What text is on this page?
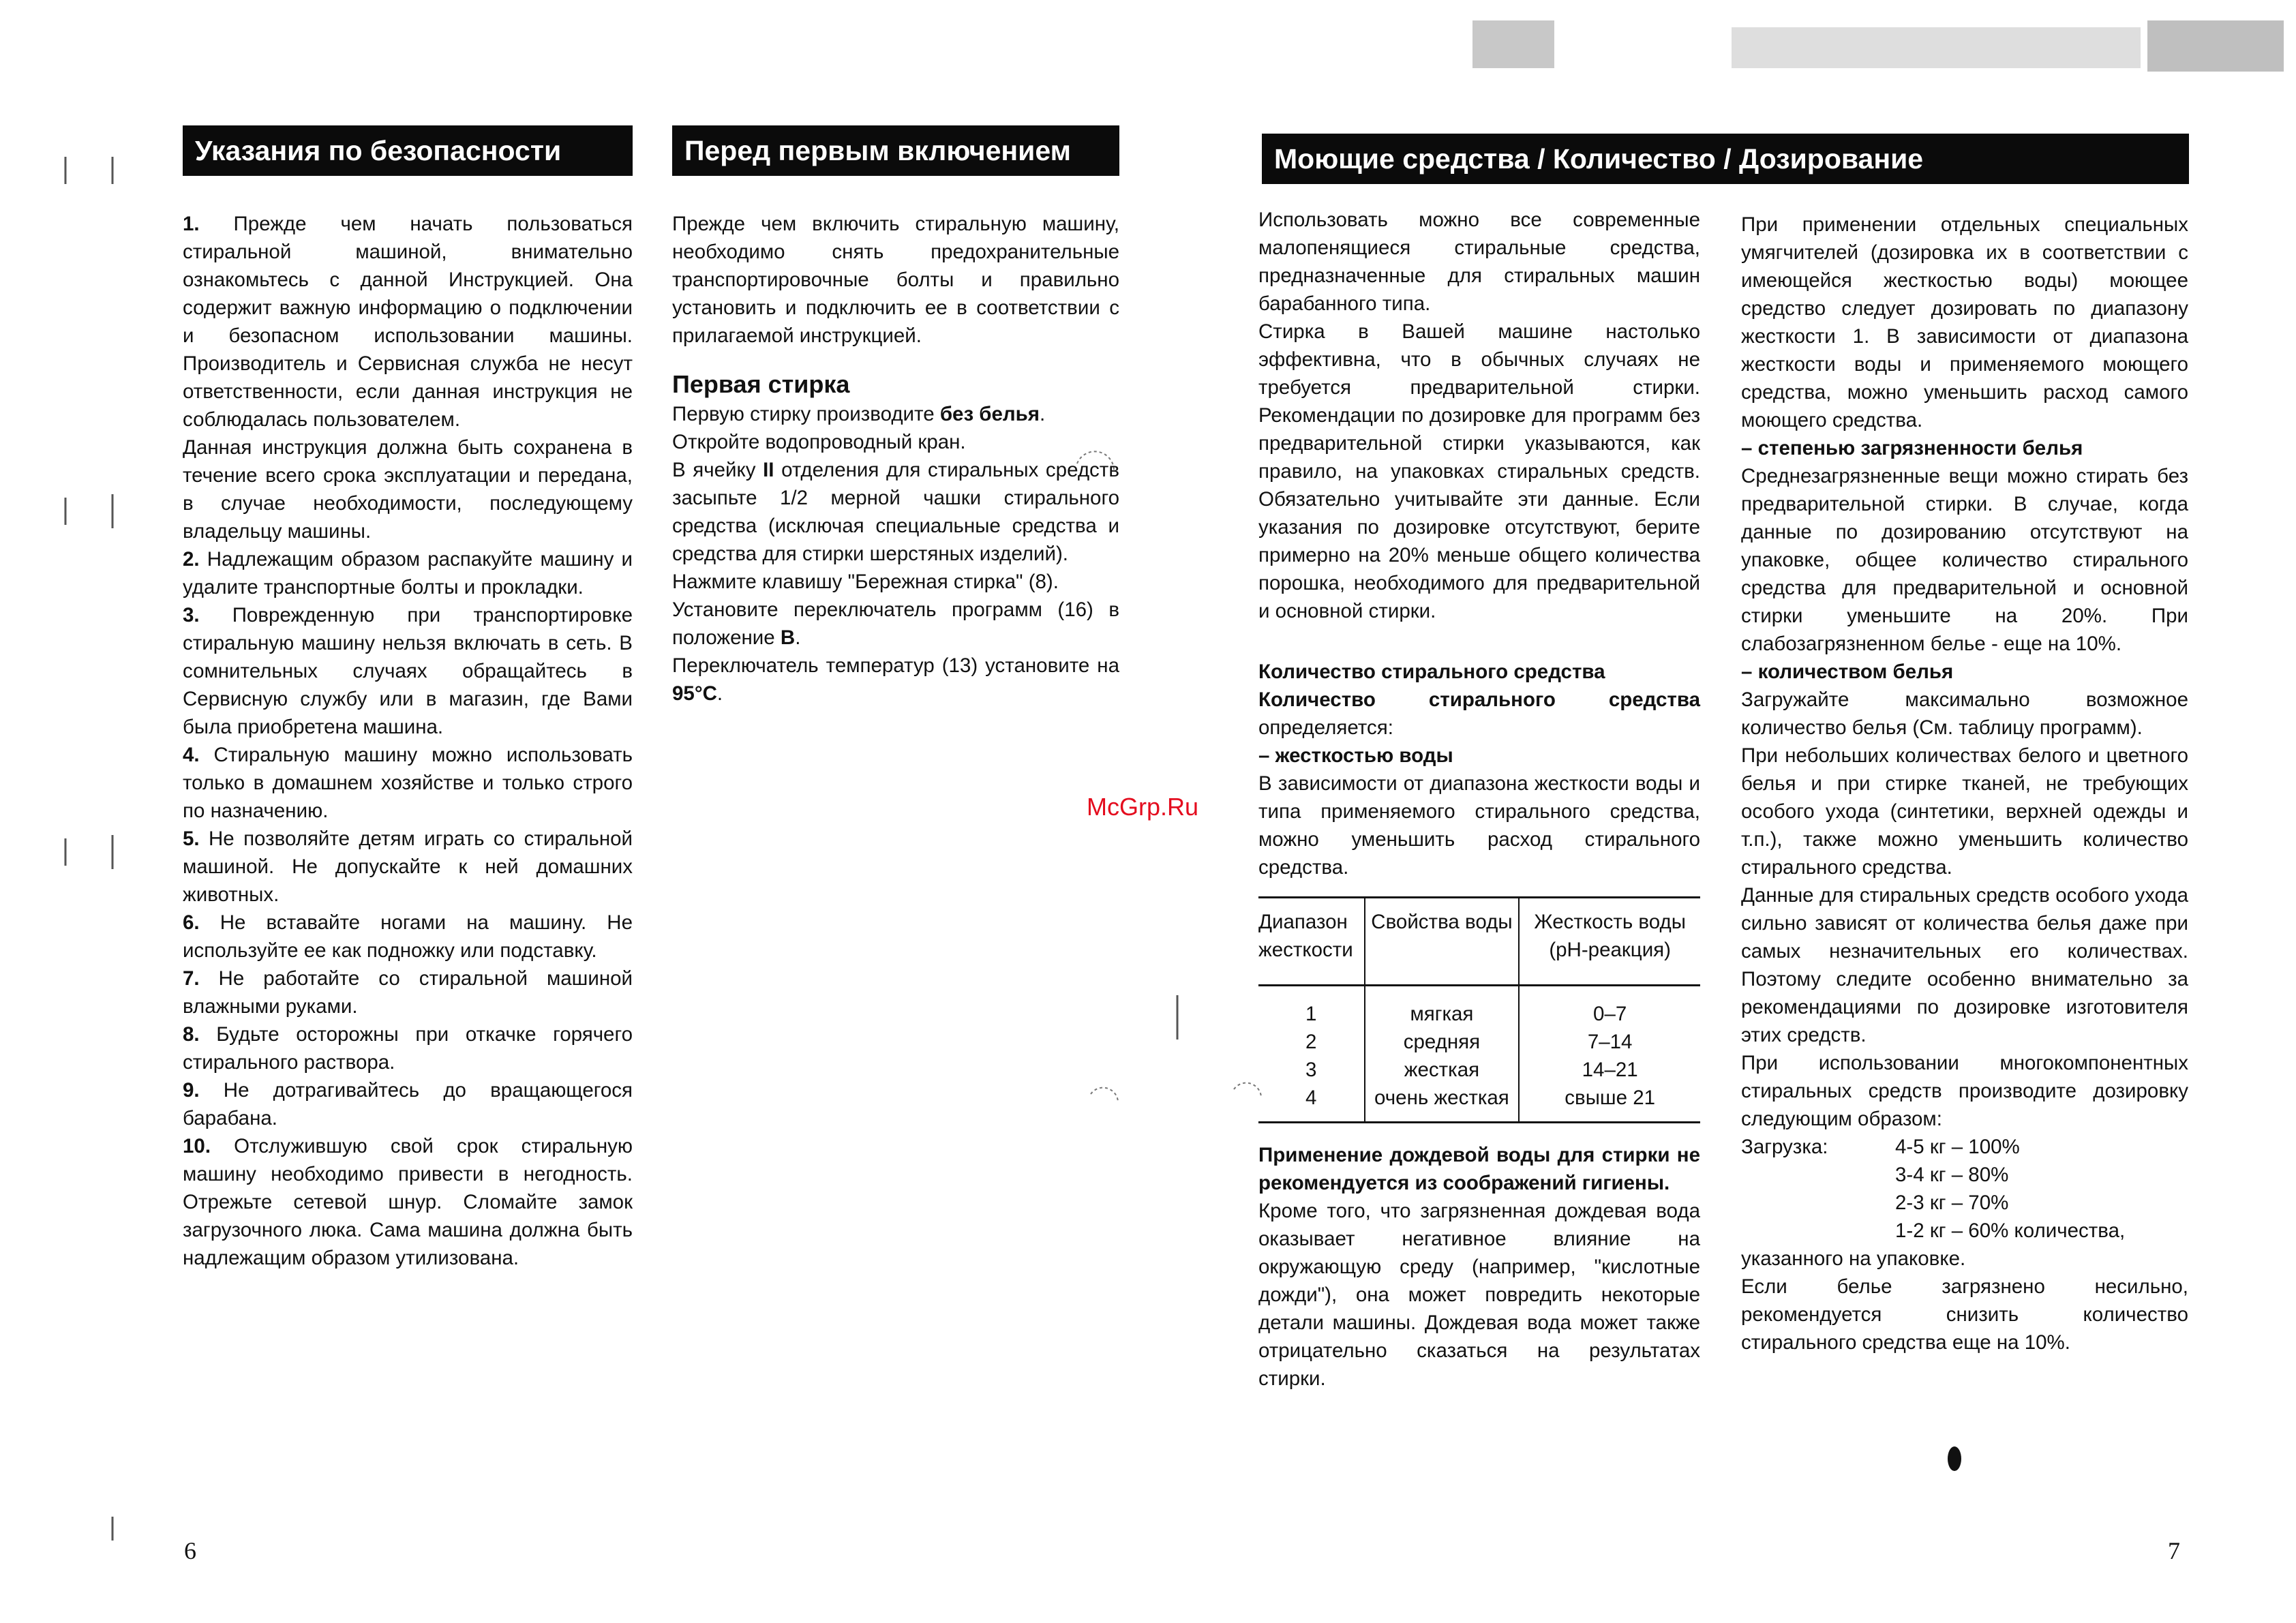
Указания по безопасности

1. Прежде чем начать пользоваться стиральной машиной, внимательно ознакомьтесь с данной Инструкцией. Она содержит важную информацию о подключении и безопасном использовании машины. Производитель и Сервисная служба не несут ответственности, если данная инструкция не соблюдалась пользователем.

Данная инструкция должна быть сохранена в течение всего срока эксплуатации и передана, в случае необходимости, последующему владельцу машины.

2. Надлежащим образом распакуйте машину и удалите транспортные болты и прокладки.

3. Поврежденную при транспортировке стиральную машину нельзя включать в сеть. В сомнительных случаях обращайтесь в Сервисную службу или в магазин, где Вами была приобретена машина.

4. Стиральную машину можно использовать только в домашнем хозяйстве и только строго по назначению.

5. Не позволяйте детям играть со стиральной машиной. Не допускайте к ней домашних животных.

6. Не вставайте ногами на машину. Не используйте ее как подножку или подставку.

7. Не работайте со стиральной машиной влажными руками.

8. Будьте осторожны при откачке горячего стирального раствора.

9. Не дотрагивайтесь до вращающегося барабана.

10. Отслужившую свой срок стиральную машину необходимо привести в негодность. Отрежьте сетевой шнур. Сломайте замок загрузочного люка. Сама машина должна быть надлежащим образом утилизована.

Перед первым включением

Прежде чем включить стиральную машину, необходимо снять предохранительные транспортировочные болты и правильно установить и подключить ее в соответствии с прилагаемой инструкцией.

Первая стирка

Первую стирку производите без белья.

Откройте водопроводный кран.

В ячейку II отделения для стиральных средств засыпьте 1/2 мерной чашки стирального средства (исключая специальные средства и средства для стирки шерстяных изделий).

Нажмите клавишу "Бережная стирка" (8).

Установите переключатель программ (16) в положение B.

Переключатель температур (13) установите на 95°C.

Моющие средства / Количество / Дозирование

Использовать можно все современные малопенящиеся стиральные средства, предназначенные для стиральных машин барабанного типа.

Стирка в Вашей машине настолько эффективна, что в обычных случаях не требуется предварительной стирки. Рекомендации по дозировке для программ без предварительной стирки указываются, как правило, на упаковках стиральных средств. Обязательно учитывайте эти данные. Если указания по дозировке отсутствуют, берите примерно на 20% меньше общего количества порошка, необходимого для предварительной и основной стирки.

Количество стирального средства

Количество стирального средства определяется:

– жесткостью воды

В зависимости от диапазона жесткости воды и типа применяемого стирального средства, можно уменьшить расход стирального средства.

Диапазон жесткости	Свойства воды	Жесткость воды (pH-реакция)
1	мягкая	0–7
2	средняя	7–14
3	жесткая	14–21
4	очень жесткая	свыше 21

Применение дождевой воды для стирки не рекомендуется из соображений гигиены.

Кроме того, что загрязненная дождевая вода оказывает негативное влияние на окружающую среду (например, "кислотные дожди"), она может повредить некоторые детали машины. Дождевая вода может также отрицательно сказаться на результатах стирки.

При применении отдельных специальных умягчителей (дозировка их в соответствии с имеющейся жесткостью воды) моющее средство следует дозировать по диапазону жесткости 1. В зависимости от диапазона жесткости воды и применяемого моющего средства, можно уменьшить расход самого моющего средства.

– степенью загрязненности белья

Среднезагрязненные вещи можно стирать без предварительной стирки. В случае, когда данные по дозированию отсутствуют на упаковке, общее количество стирального средства для предварительной и основной стирки уменьшите на 20%. При слабозагрязненном белье - еще на 10%.

– количеством белья

Загружайте максимально возможное количество белья (См. таблицу программ).

При небольших количествах белого и цветного белья и при стирке тканей, не требующих особого ухода (синтетики, верхней одежды и т.п.), также можно уменьшить количество стирального средства.

Данные для стиральных средств особого ухода сильно зависят от количества белья даже при самых незначительных его количествах. Поэтому следите особенно внимательно за рекомендациями по дозировке изготовителя этих средств.

При использовании многокомпонентных стиральных средств производите дозировку следующим образом:

Загрузка:	4-5 кг – 100%
3-4 кг – 80%
2-3 кг – 70%
1-2 кг – 60% количества,

указанного на упаковке.

Если белье загрязнено несильно, рекомендуется снизить количество стирального средства еще на 10%.

McGrp.Ru
6	7
